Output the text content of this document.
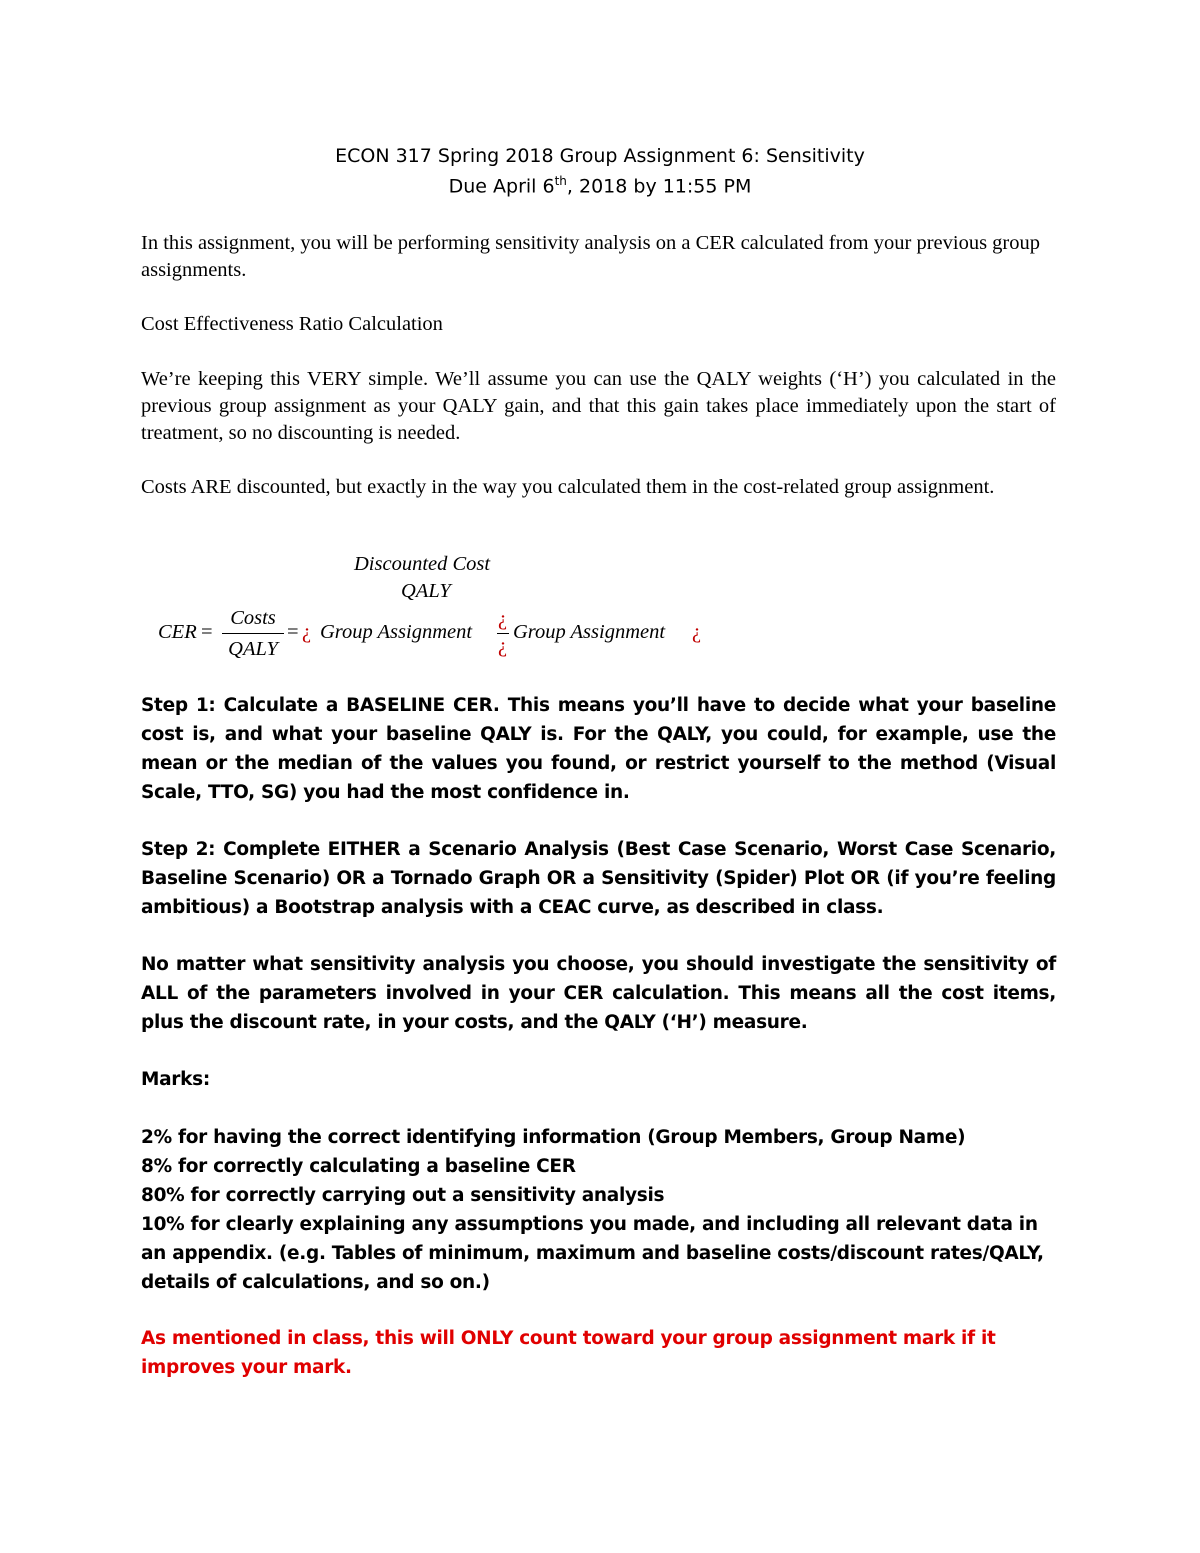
ECON 317 Spring 2018 Group Assignment 6: Sensitivity
Due April 6th, 2018 by 11:55 PM
In this assignment, you will be performing sensitivity analysis on a CER calculated from your previous group assignments.
Cost Effectiveness Ratio Calculation
We’re keeping this VERY simple. We’ll assume you can use the QALY weights (‘H’) you calculated in the previous group assignment as your QALY gain, and that this gain takes place immediately upon the start of treatment, so no discounting is needed.
Costs ARE discounted, but exactly in the way you calculated them in the cost-related group assignment.
Discounted Cost
QALY
CER =
Costs
QALY
= ¿ Group Assignment
¿
¿
Group Assignment ¿
Step 1: Calculate a BASELINE CER. This means you’ll have to decide what your baseline cost is, and what your baseline QALY is. For the QALY, you could, for example, use the mean or the median of the values you found, or restrict yourself to the method (Visual Scale, TTO, SG) you had the most confidence in.
Step 2: Complete EITHER a Scenario Analysis (Best Case Scenario, Worst Case Scenario, Baseline Scenario) OR a Tornado Graph OR a Sensitivity (Spider) Plot OR (if you’re feeling ambitious) a Bootstrap analysis with a CEAC curve, as described in class.
No matter what sensitivity analysis you choose, you should investigate the sensitivity of ALL of the parameters involved in your CER calculation. This means all the cost items, plus the discount rate, in your costs, and the QALY (‘H’) measure.
Marks:
2% for having the correct identifying information (Group Members, Group Name)
8% for correctly calculating a baseline CER
80% for correctly carrying out a sensitivity analysis
10% for clearly explaining any assumptions you made, and including all relevant data in an appendix. (e.g. Tables of minimum, maximum and baseline costs/discount rates/QALY, details of calculations, and so on.)
As mentioned in class, this will ONLY count toward your group assignment mark if it improves your mark.
